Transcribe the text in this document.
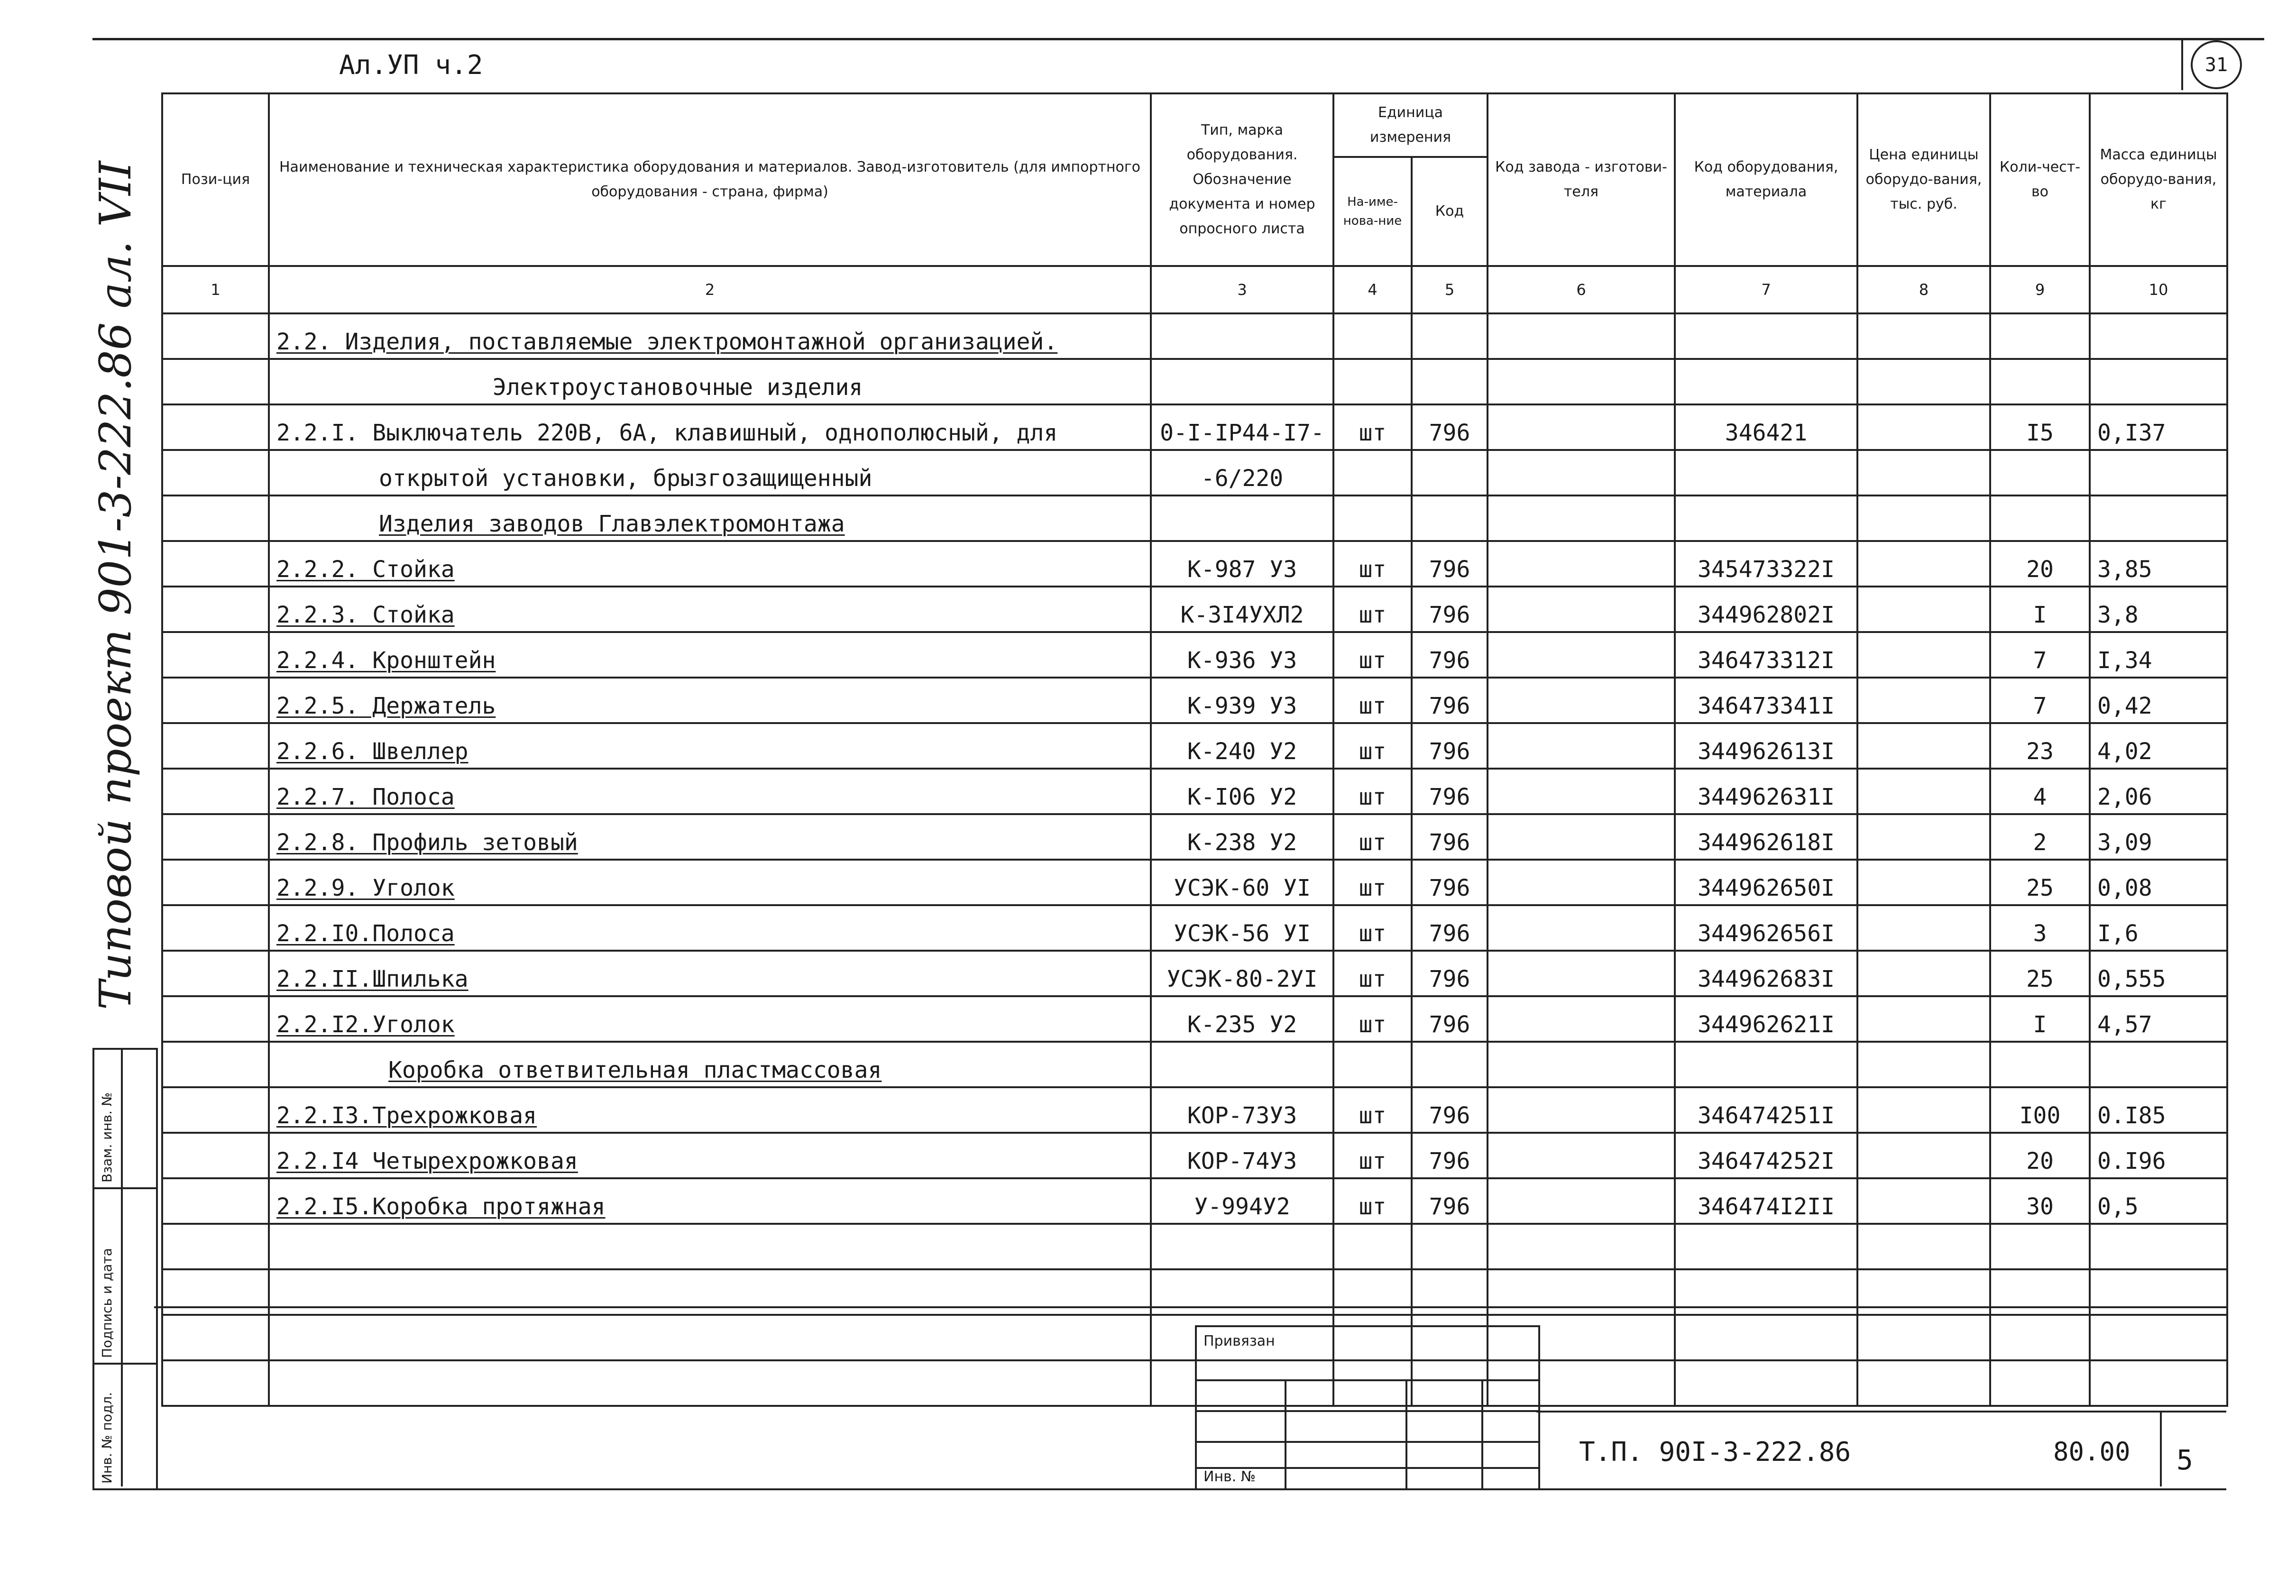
Ал.УП ч.2	31
Пози-ция	Наименование и техническая характеристика оборудования и материалов. Завод-изготовитель (для импортного оборудования - страна, фирма)	Тип, марка оборудования. Обозначение документа и номер опросного листа	Единица измерения		Код завода - изготови-теля	Код оборудования, материала	Цена единицы оборудо-вания, тыс. руб.	Коли-чест-во	Масса единицы оборудо-вания, кг
			На-име-нова-ние	Код					
1	2	3	4	5	6	7	8	9	10
	2.2. Изделия, поставляемые электромонтажной организацией.								
	Электроустановочные изделия								
	2.2.I. Выключатель 220В, 6А, клавишный, однополюсный, для	0-I-IP44-I7-	шт	796		346421		I5	0,I37
	открытой установки, брызгозащищенный	-6/220							
	Изделия заводов Главэлектромонтажа								
	2.2.2. Стойка	К-987 У3	шт	796		345473322I		20	3,85
	2.2.3. Стойка	К-3I4УХЛ2	шт	796		344962802I		I	3,8
	2.2.4. Кронштейн	К-936 У3	шт	796		346473312I		7	I,34
	2.2.5. Держатель	К-939 У3	шт	796		346473341I		7	0,42
	2.2.6. Швеллер	К-240 У2	шт	796		344962613I		23	4,02
	2.2.7. Полоса	К-I06 У2	шт	796		344962631I		4	2,06
	2.2.8. Профиль зетовый	К-238 У2	шт	796		344962618I		2	3,09
	2.2.9. Уголок	УСЭК-60 УI	шт	796		344962650I		25	0,08
	2.2.I0.Полоса	УСЭК-56 УI	шт	796		344962656I		3	I,6
	2.2.II.Шпилька	УСЭК-80-2УI	шт	796		344962683I		25	0,555
	2.2.I2.Уголок	К-235 У2	шт	796		344962621I		I	4,57
	Коробка ответвительная пластмассовая								
	2.2.I3.Трехрожковая	КОР-73У3	шт	796		346474251I		I00	0.I85
	2.2.I4 Четырехрожковая	КОР-74У3	шт	796		346474252I		20	0.I96
	2.2.I5.Коробка протяжная	У-994У2	шт	796		346474I2II		30	0,5

Типовой проект 901-3-222.86 ал. VII
Взам. инв. №
Подпись и дата
Инв. № подл.
Привязан
Инв. №
Т.П. 90I-3-222.86	80.00 5
